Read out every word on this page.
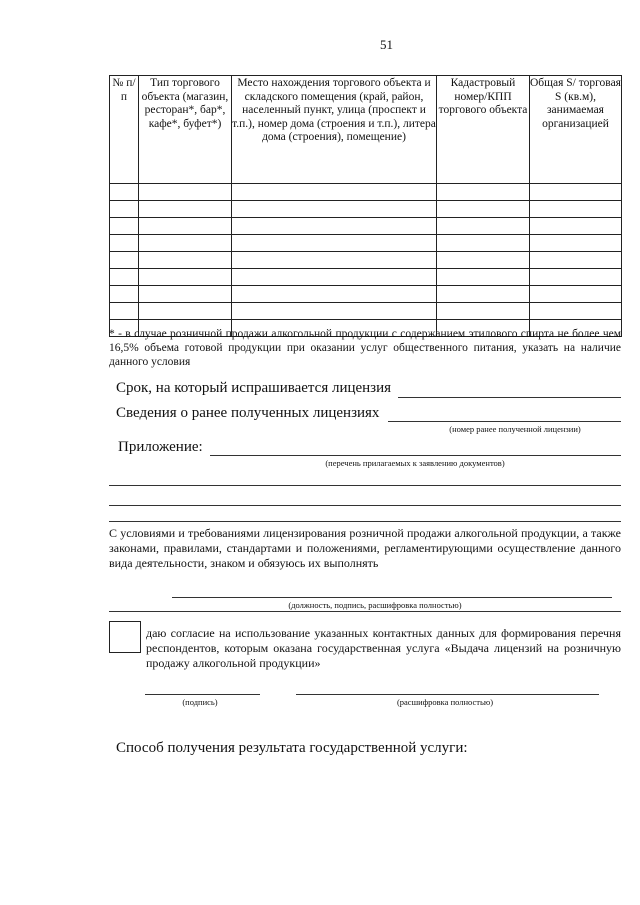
51
№ п/п	Тип торгового объекта (магазин, ресторан*, бар*, кафе*, буфет*)	Место нахождения торгового объекта и складского помещения (край, район, населенный пункт, улица (проспект и т.п.), номер дома (строения и т.п.), литера дома (строения), помещение)	Кадастровый номер/КПП торгового объекта	Общая S/ торговая S (кв.м), занимаемая организацией

* - в случае розничной продажи алкогольной продукции с содержанием этилового спирта не более чем 16,5% объема готовой продукции при оказании услуг общественного питания, указать на наличие данного условия
Срок, на который испрашивается лицензия
Сведения о ранее полученных лицензиях
(номер ранее полученной лицензии)
Приложение:
(перечень прилагаемых к заявлению документов)
С условиями и требованиями лицензирования розничной продажи алкогольной продукции, а также законами, правилами, стандартами и положениями, регламентирующими осуществление данного вида деятельности, знаком и обязуюсь их выполнять
(должность, подпись, расшифровка полностью)
даю согласие на использование указанных контактных данных для формирования перечня респондентов, которым оказана государственная услуга «Выдача лицензий на розничную продажу алкогольной продукции»
(подпись)	(расшифровка полностью)
Способ получения результата государственной услуги:
